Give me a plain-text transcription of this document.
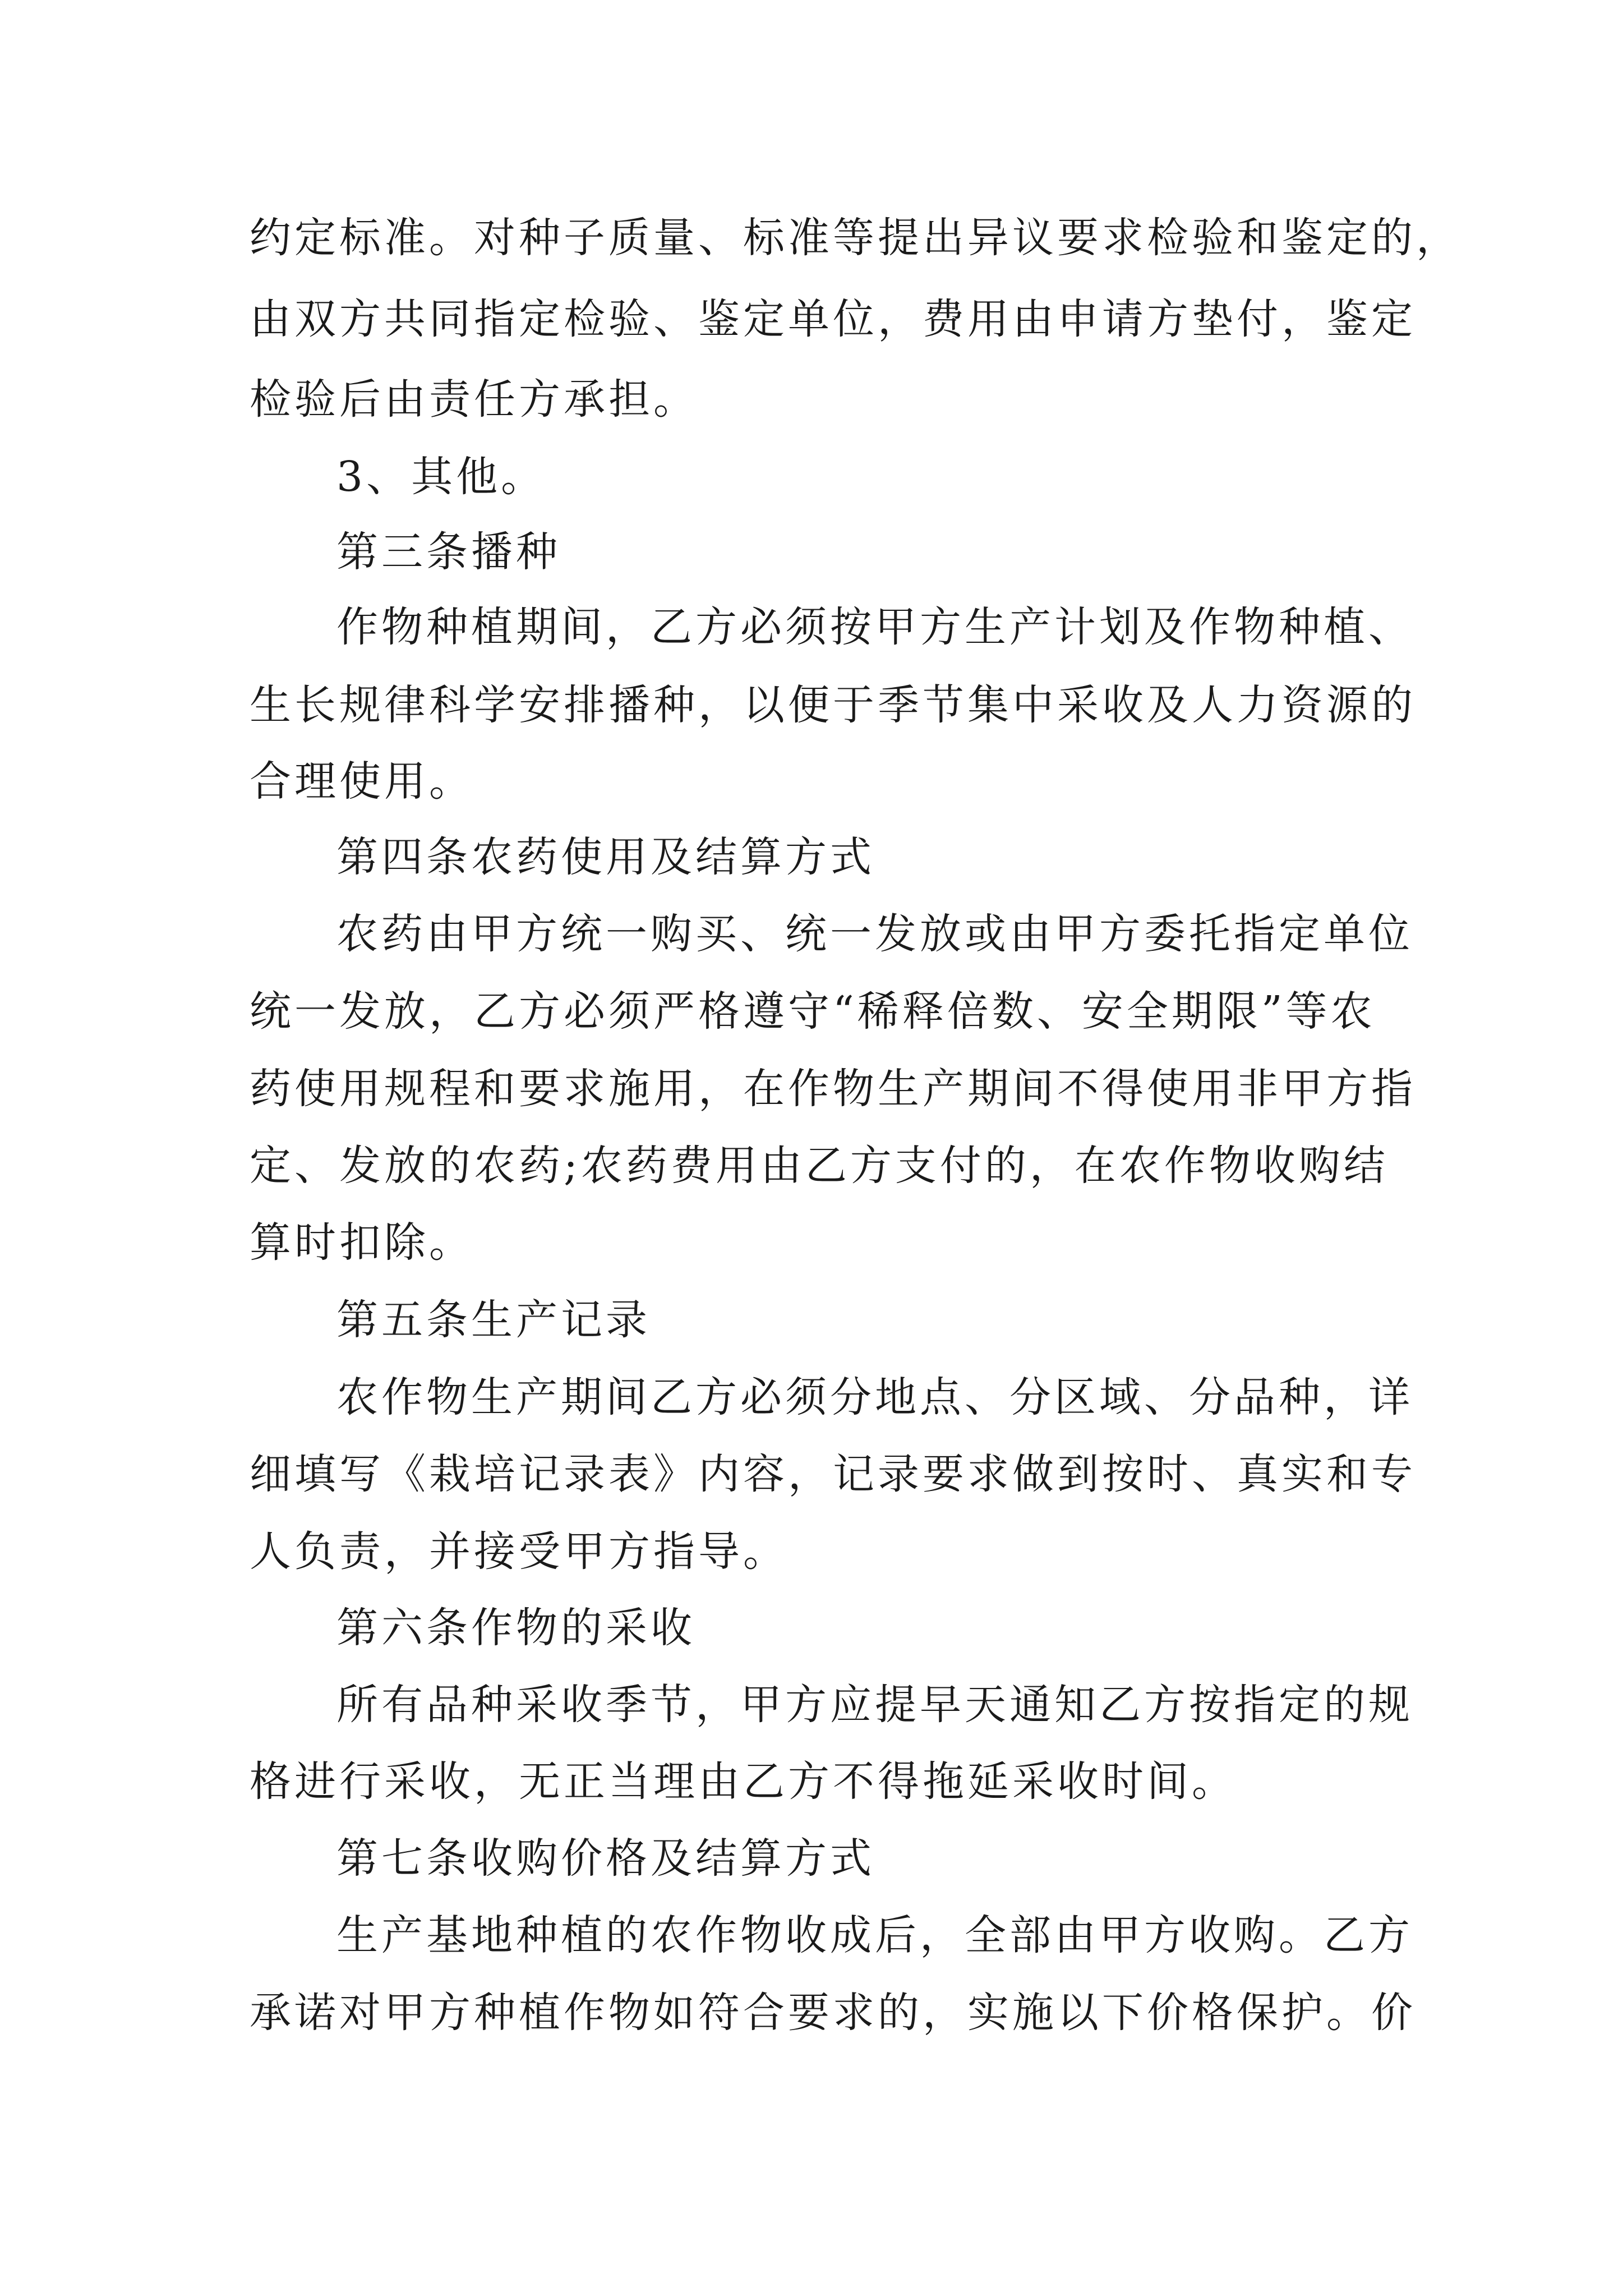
约定标准。对种子质量、标准等提出异议要求检验和鉴定的，
由双方共同指定检验、鉴定单位，费用由申请方垫付，鉴定
检验后由责任方承担。
3、其他。
第三条播种
作物种植期间，乙方必须按甲方生产计划及作物种植、
生长规律科学安排播种，以便于季节集中采收及人力资源的
合理使用。
第四条农药使用及结算方式
农药由甲方统一购买、统一发放或由甲方委托指定单位
统一发放，乙方必须严格遵守“稀释倍数、安全期限”等农
药使用规程和要求施用，在作物生产期间不得使用非甲方指
定、发放的农药;农药费用由乙方支付的，在农作物收购结
算时扣除。
第五条生产记录
农作物生产期间乙方必须分地点、分区域、分品种，详
细填写《栽培记录表》内容，记录要求做到按时、真实和专
人负责，并接受甲方指导。
第六条作物的采收
所有品种采收季节，甲方应提早天通知乙方按指定的规
格进行采收，无正当理由乙方不得拖延采收时间。
第七条收购价格及结算方式
生产基地种植的农作物收成后，全部由甲方收购。乙方
承诺对甲方种植作物如符合要求的，实施以下价格保护。价
